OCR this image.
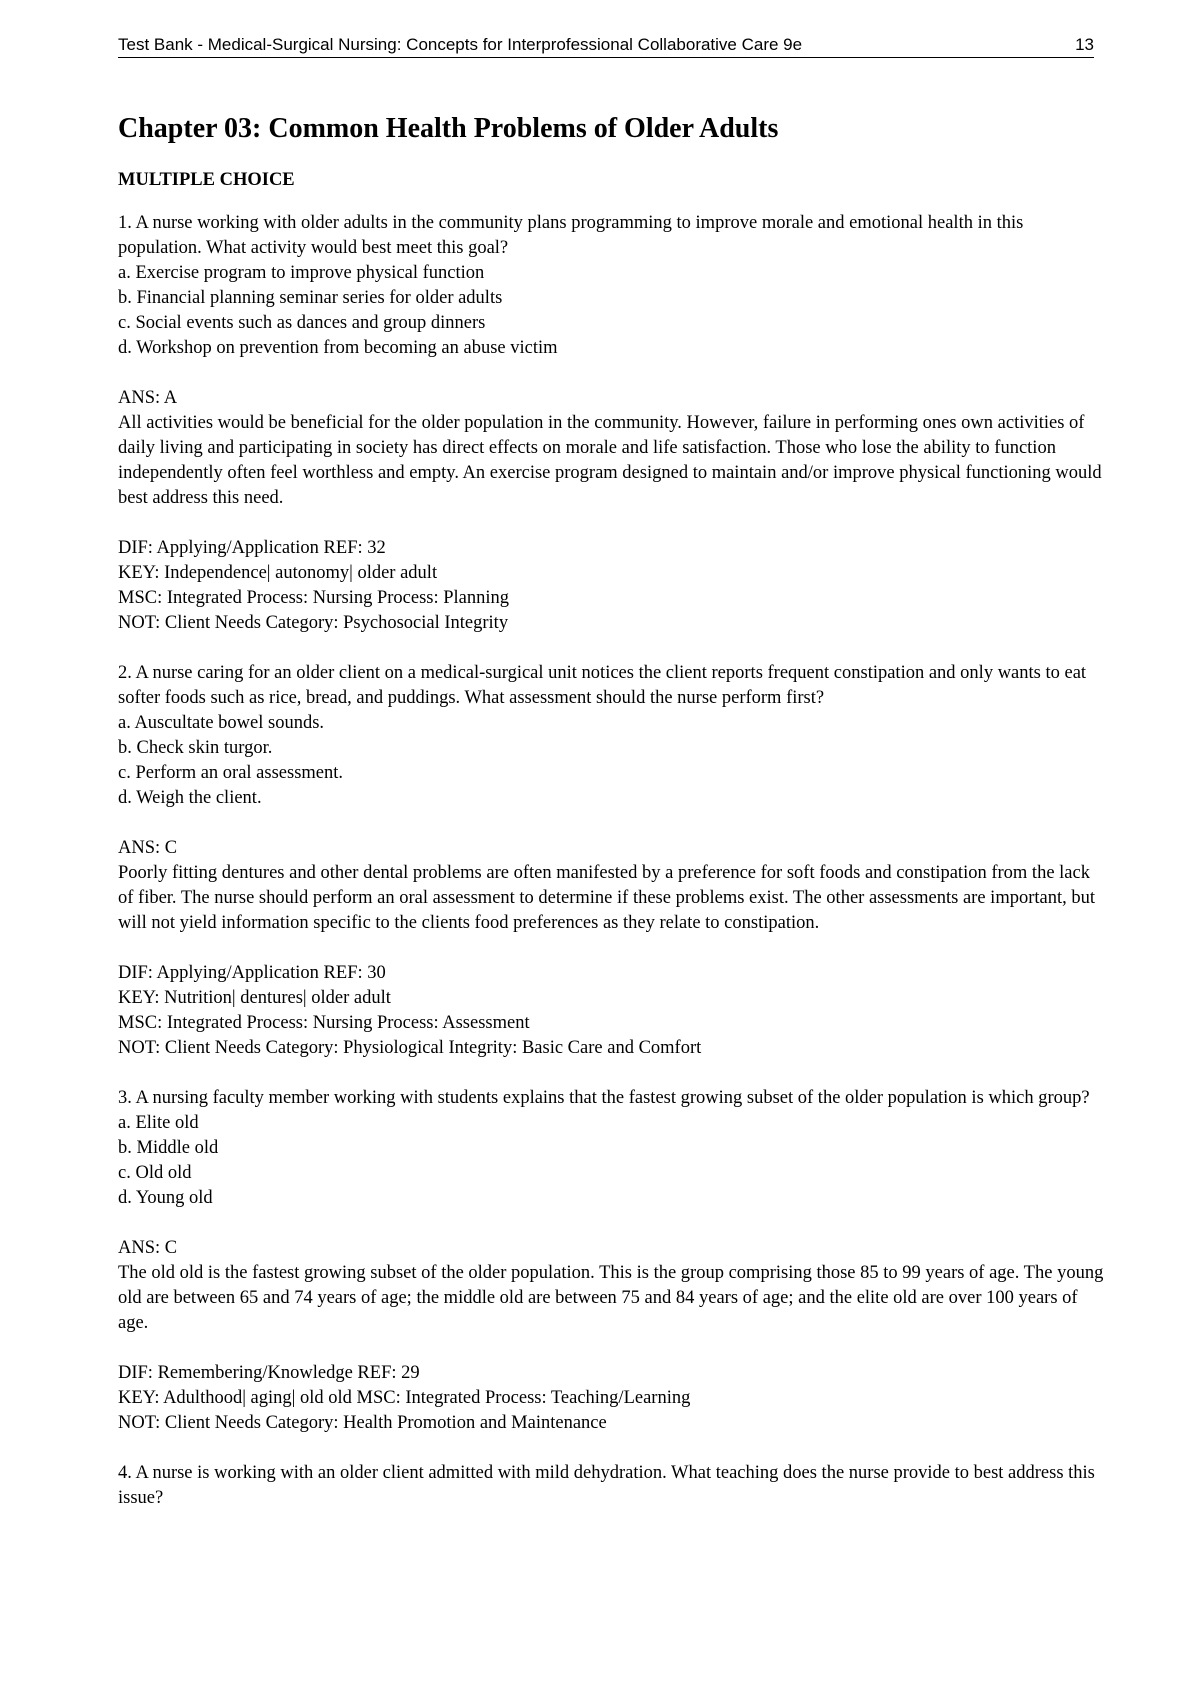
Test Bank - Medical-Surgical Nursing: Concepts for Interprofessional Collaborative Care 9e	13
Chapter 03: Common Health Problems of Older Adults

MULTIPLE CHOICE

1. A nurse working with older adults in the community plans programming to improve morale and emotional health in this population. What activity would best meet this goal?

a. Exercise program to improve physical function

b. Financial planning seminar series for older adults

c. Social events such as dances and group dinners

d. Workshop on prevention from becoming an abuse victim

ANS: A

All activities would be beneficial for the older population in the community. However, failure in performing ones own activities of daily living and participating in society has direct effects on morale and life satisfaction. Those who lose the ability to function independently often feel worthless and empty. An exercise program designed to maintain and/or improve physical functioning would best address this need.

DIF: Applying/Application REF: 32

KEY: Independence| autonomy| older adult

MSC: Integrated Process: Nursing Process: Planning

NOT: Client Needs Category: Psychosocial Integrity

2. A nurse caring for an older client on a medical-surgical unit notices the client reports frequent constipation and only wants to eat softer foods such as rice, bread, and puddings. What assessment should the nurse perform first?

a. Auscultate bowel sounds.

b. Check skin turgor.

c. Perform an oral assessment.

d. Weigh the client.

ANS: C

Poorly fitting dentures and other dental problems are often manifested by a preference for soft foods and constipation from the lack of fiber. The nurse should perform an oral assessment to determine if these problems exist. The other assessments are important, but will not yield information specific to the clients food preferences as they relate to constipation.

DIF: Applying/Application REF: 30

KEY: Nutrition| dentures| older adult

MSC: Integrated Process: Nursing Process: Assessment

NOT: Client Needs Category: Physiological Integrity: Basic Care and Comfort

3. A nursing faculty member working with students explains that the fastest growing subset of the older population is which group?

a. Elite old

b. Middle old

c. Old old

d. Young old

ANS: C

The old old is the fastest growing subset of the older population. This is the group comprising those 85 to 99 years of age. The young old are between 65 and 74 years of age; the middle old are between 75 and 84 years of age; and the elite old are over 100 years of age.

DIF: Remembering/Knowledge REF: 29

KEY: Adulthood| aging| old old MSC: Integrated Process: Teaching/Learning

NOT: Client Needs Category: Health Promotion and Maintenance

4. A nurse is working with an older client admitted with mild dehydration. What teaching does the nurse provide to best address this issue?
